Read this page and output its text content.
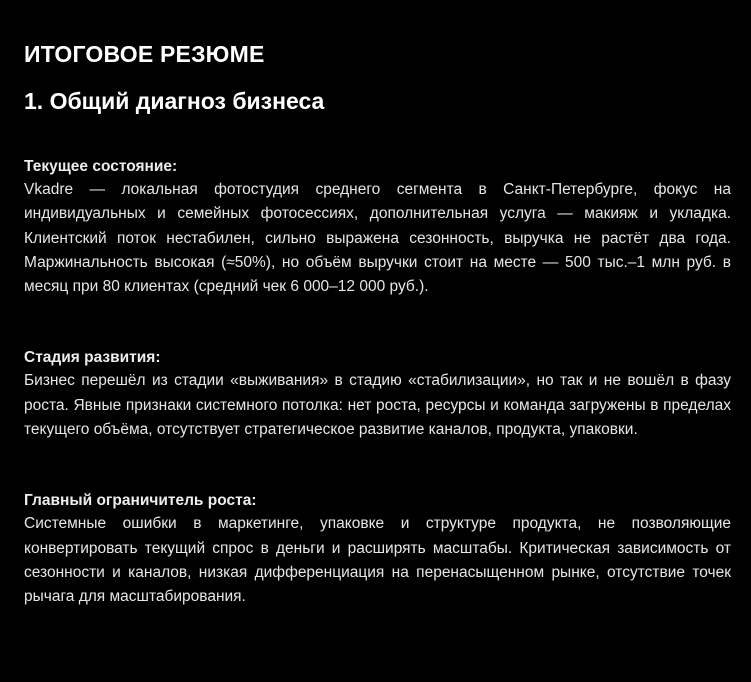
ИТОГОВОЕ РЕЗЮМЕ
1. Общий диагноз бизнеса

Текущее состояние:

Vkadre — локальная фотостудия среднего сегмента в Санкт-Петербурге, фокус на индивидуальных и семейных фотосессиях, дополнительная услуга — макияж и укладка. Клиентский поток нестабилен, сильно выражена сезонность, выручка не растёт два года. Маржинальность высокая (≈50%), но объём выручки стоит на месте — 500 тыс.–1 млн руб. в месяц при 80 клиентах (средний чек 6 000–12 000 руб.).

Стадия развития:

Бизнес перешёл из стадии «выживания» в стадию «стабилизации», но так и не вошёл в фазу роста. Явные признаки системного потолка: нет роста, ресурсы и команда загружены в пределах текущего объёма, отсутствует стратегическое развитие каналов, продукта, упаковки.

Главный ограничитель роста:

Системные ошибки в маркетинге, упаковке и структуре продукта, не позволяющие конвертировать текущий спрос в деньги и расширять масштабы. Критическая зависимость от сезонности и каналов, низкая дифференциация на перенасыщенном рынке, отсутствие точек рычага для масштабирования.
